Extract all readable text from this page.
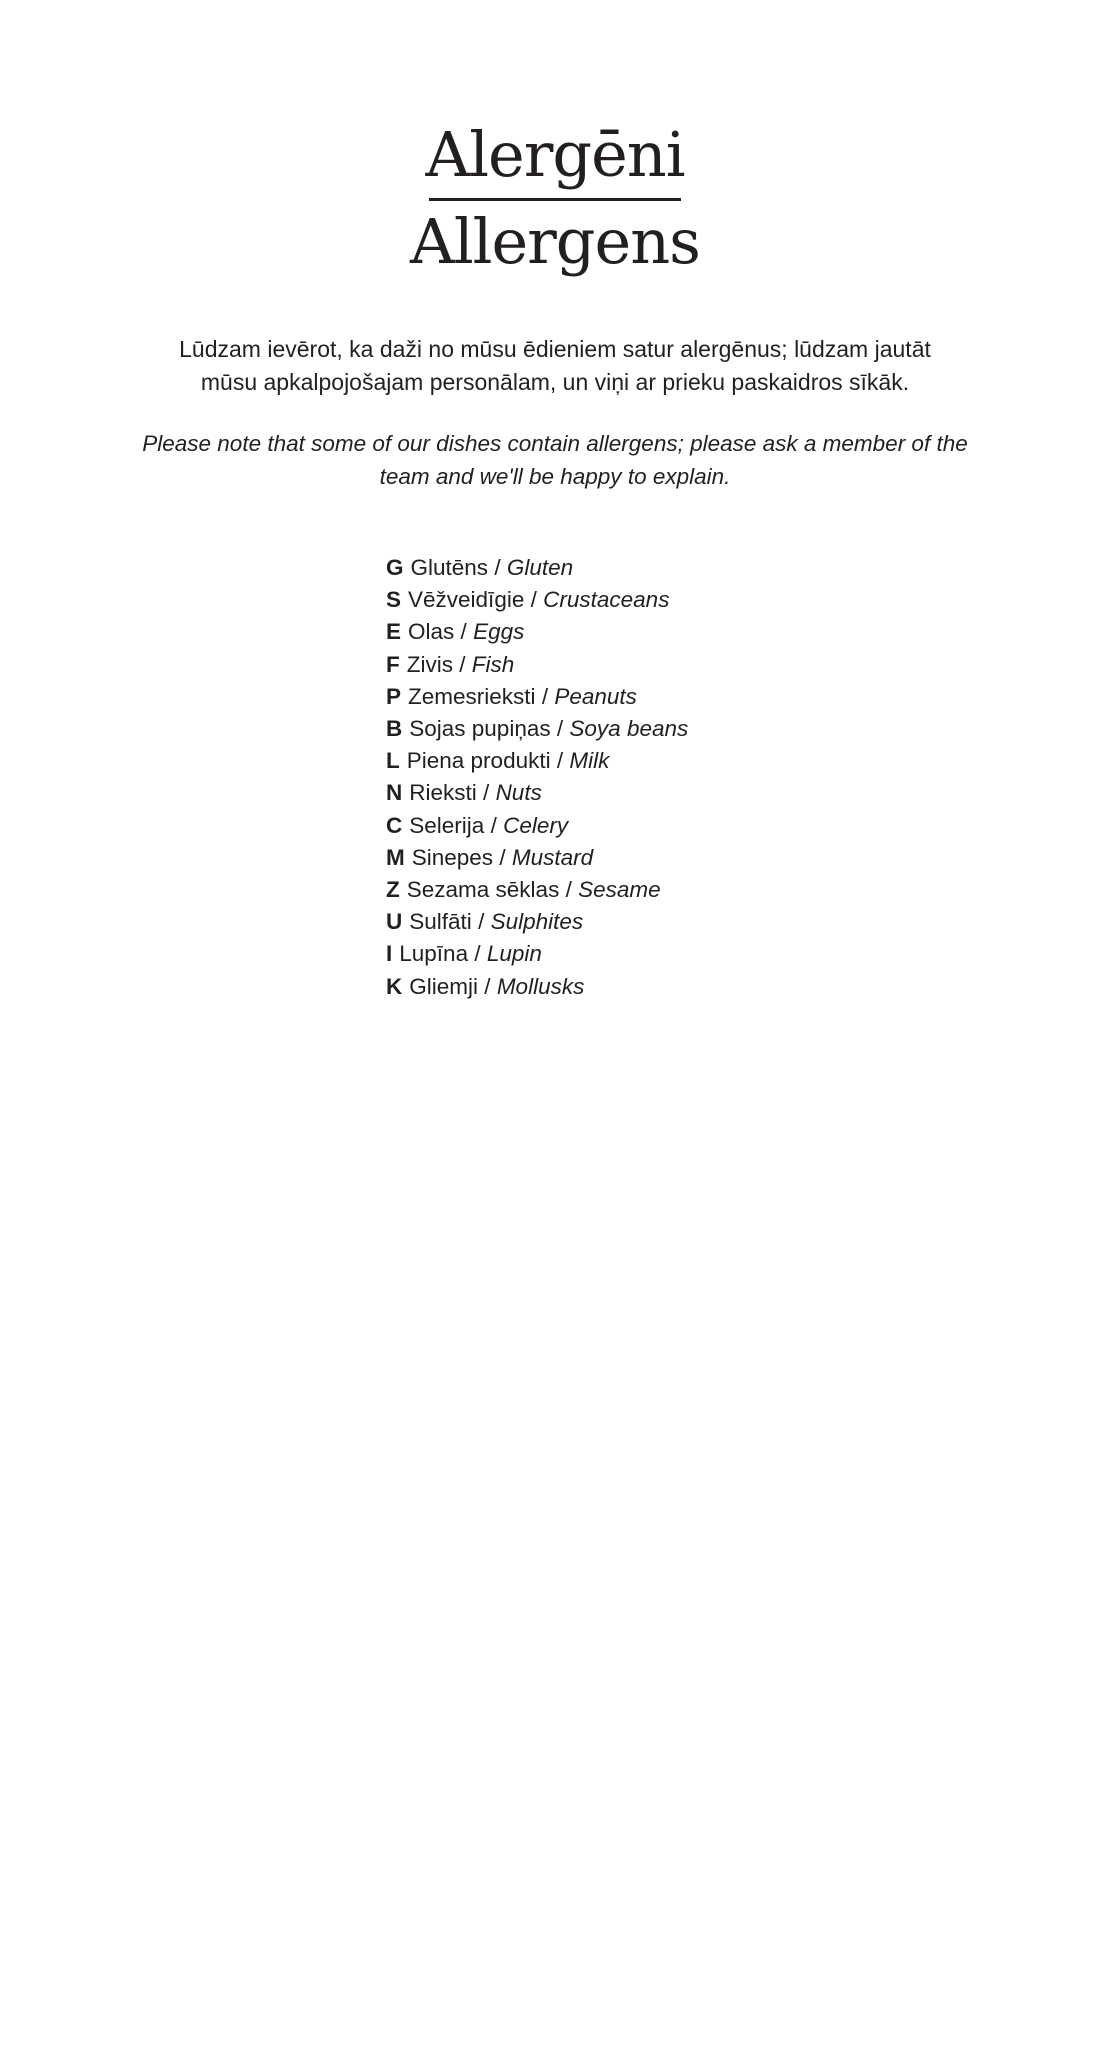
Alergēni
Allergens
Lūdzam ievērot, ka daži no mūsu ēdieniem satur alergēnus; lūdzam jautāt
mūsu apkalpojošajam personālam, un viņi ar prieku paskaidros sīkāk.
Please note that some of our dishes contain allergens; please ask a member of the
team and we'll be happy to explain.
G Glutēns / Gluten
S Vēžveidīgie / Crustaceans
E Olas / Eggs
F Zivis / Fish
P Zemesrieksti / Peanuts
B Sojas pupiņas / Soya beans
L Piena produkti / Milk
N Rieksti / Nuts
C Selerija / Celery
M Sinepes / Mustard
Z Sezama sēklas / Sesame
U Sulfāti / Sulphites
I Lupīna / Lupin
K Gliemji / Mollusks
